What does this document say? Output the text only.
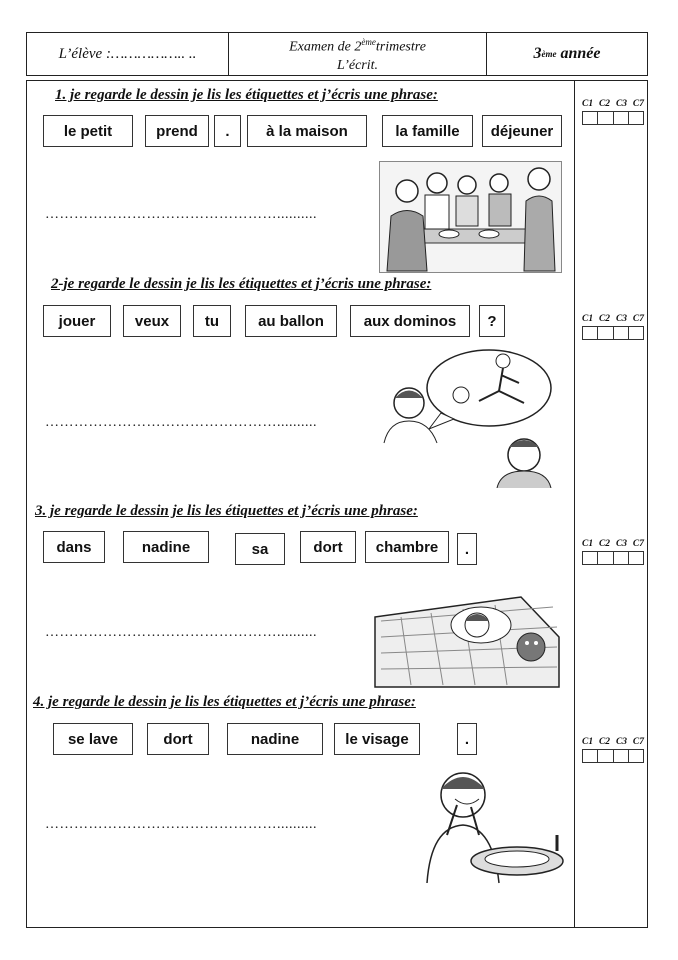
L’élève :…………….. ..	Examen de 2èmetrimestre
L’écrit.
3 ème année
1. je regarde le dessin je lis les étiquettes et j’écris une phrase:
le petit	prend	.	à la maison	la famille	déjeuner
…………………………………………..........
C1 C2 C3 C7
2-je regarde le dessin je lis les étiquettes et j’écris une phrase:
jouer	veux	tu	au ballon	aux dominos	?
…………………………………………..........
C1 C2 C3 C7
3. je regarde le dessin je lis les étiquettes et j’écris une phrase:
dans	nadine	sa	dort	chambre	.
…………………………………………..........
C1 C2 C3 C7
4. je regarde le dessin je lis les étiquettes et j’écris une phrase:
se lave	dort	nadine	le visage	.
…………………………………………..........
C1 C2 C3 C7
